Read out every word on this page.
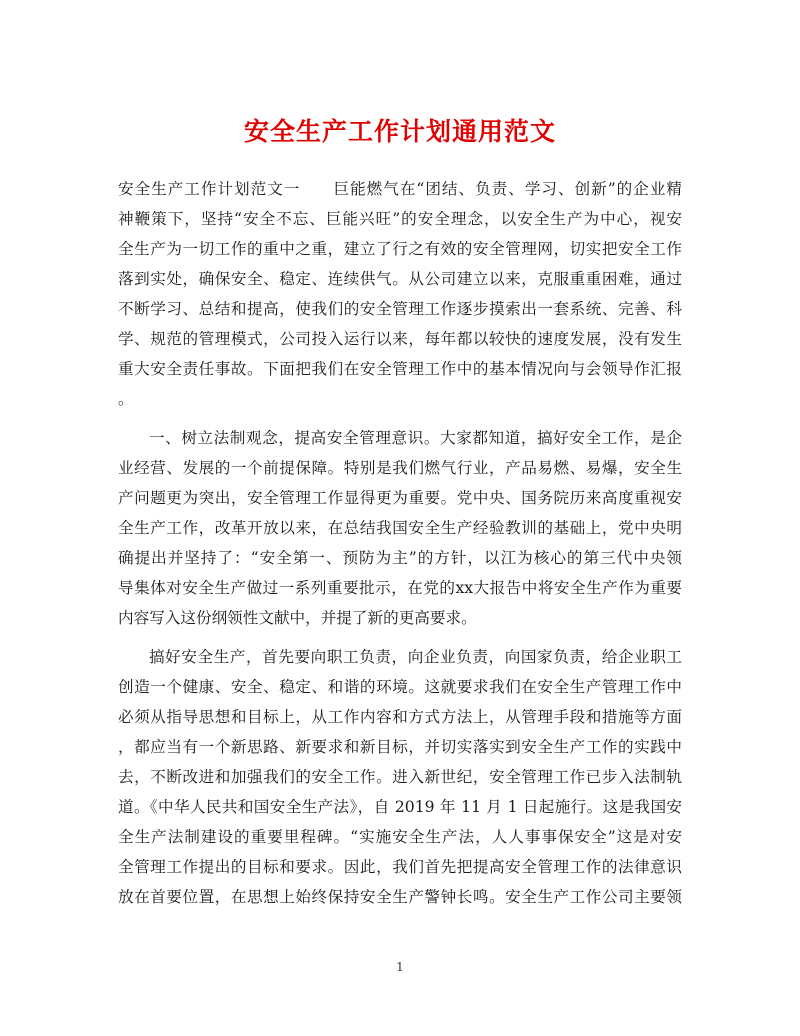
安全生产工作计划通用范文
安全生产工作计划范文一　　巨能燃气在“团结、负责、学习、创新”的企业精
神鞭策下，坚持“安全不忘、巨能兴旺”的安全理念，以安全生产为中心，视安
全生产为一切工作的重中之重，建立了行之有效的安全管理网，切实把安全工作
落到实处，确保安全、稳定、连续供气。从公司建立以来，克服重重困难，通过
不断学习、总结和提高，使我们的安全管理工作逐步摸索出一套系统、完善、科
学、规范的管理模式，公司投入运行以来，每年都以较快的速度发展，没有发生
重大安全责任事故。下面把我们在安全管理工作中的基本情况向与会领导作汇报
。
一、树立法制观念，提高安全管理意识。大家都知道，搞好安全工作，是企
业经营、发展的一个前提保障。特别是我们燃气行业，产品易燃、易爆，安全生
产问题更为突出，安全管理工作显得更为重要。党中央、国务院历来高度重视安
全生产工作，改革开放以来，在总结我国安全生产经验教训的基础上，党中央明
确提出并坚持了：“安全第一、预防为主”的方针，以江为核心的第三代中央领
导集体对安全生产做过一系列重要批示，在党的xx大报告中将安全生产作为重要
内容写入这份纲领性文献中，并提了新的更高要求。
搞好安全生产，首先要向职工负责，向企业负责，向国家负责，给企业职工
创造一个健康、安全、稳定、和谐的环境。这就要求我们在安全生产管理工作中
必须从指导思想和目标上，从工作内容和方式方法上，从管理手段和措施等方面
，都应当有一个新思路、新要求和新目标，并切实落实到安全生产工作的实践中
去，不断改进和加强我们的安全工作。进入新世纪，安全管理工作已步入法制轨
道。《中华人民共和国安全生产法》，自 2019 年 11 月 1 日起施行。这是我国安
全生产法制建设的重要里程碑。“实施安全生产法，人人事事保安全”这是对安
全管理工作提出的目标和要求。因此，我们首先把提高安全管理工作的法律意识
放在首要位置，在思想上始终保持安全生产警钟长鸣。安全生产工作公司主要领
1
